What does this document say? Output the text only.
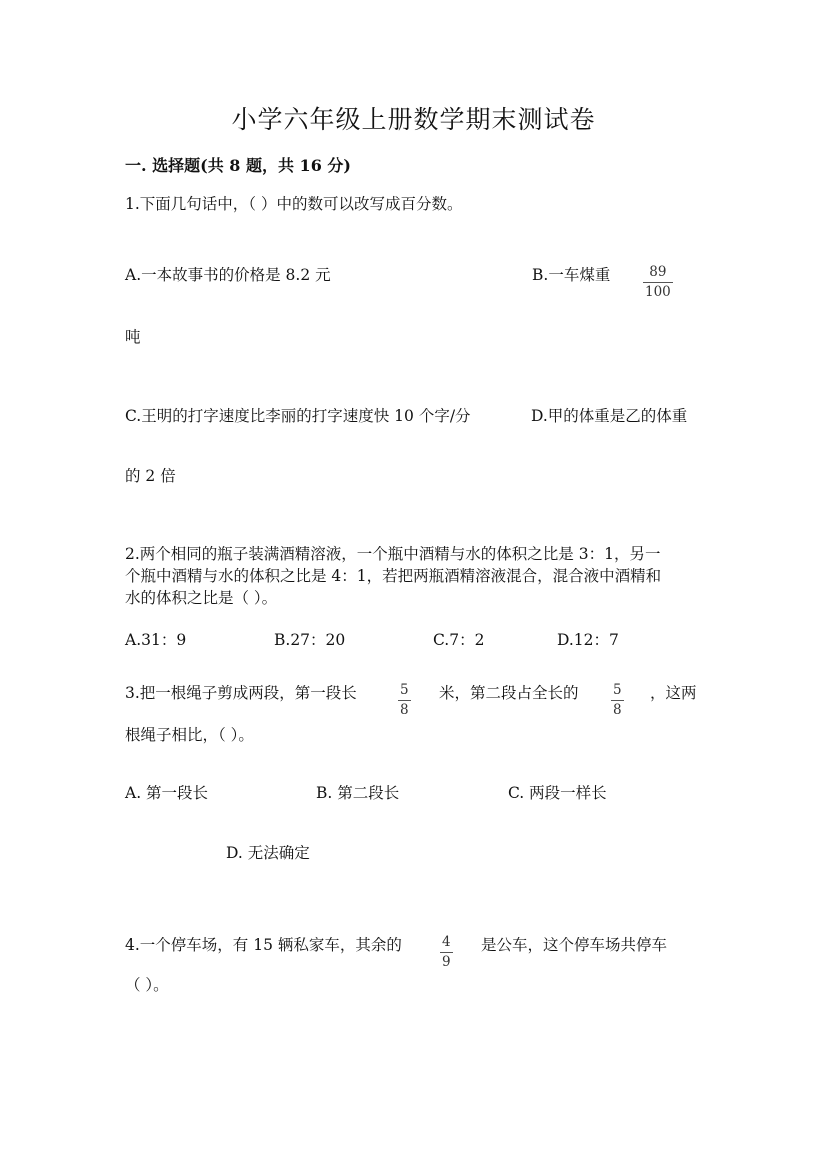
小学六年级上册数学期末测试卷
一. 选择题(共 8 题，共 16 分)
1.下面几句话中，（ ）中的数可以改写成百分数。
A.一本故事书的价格是 8.2 元	B.一车煤重 $\frac{89}{100}$
吨
C.王明的打字速度比李丽的打字速度快 10 个字/分	D.甲的体重是乙的体重
的 2 倍
2.两个相同的瓶子装满酒精溶液，一个瓶中酒精与水的体积之比是 3：1，另一
个瓶中酒精与水的体积之比是 4：1，若把两瓶酒精溶液混合，混合液中酒精和
水的体积之比是（ ）。
A.31：9	B.27：20	C.7：2	D.12：7
3.把一根绳子剪成两段，第一段长	$\frac{5}{8}$ 米，第二段占全长的 $\frac{5}{8}$ ，这两
根绳子相比，（ ）。
A. 第一段长	B. 第二段长	C. 两段一样长
D. 无法确定
4.一个停车场，有 15 辆私家车，其余的	$\frac{4}{9}$ 是公车，这个停车场共停车
（ ）。
